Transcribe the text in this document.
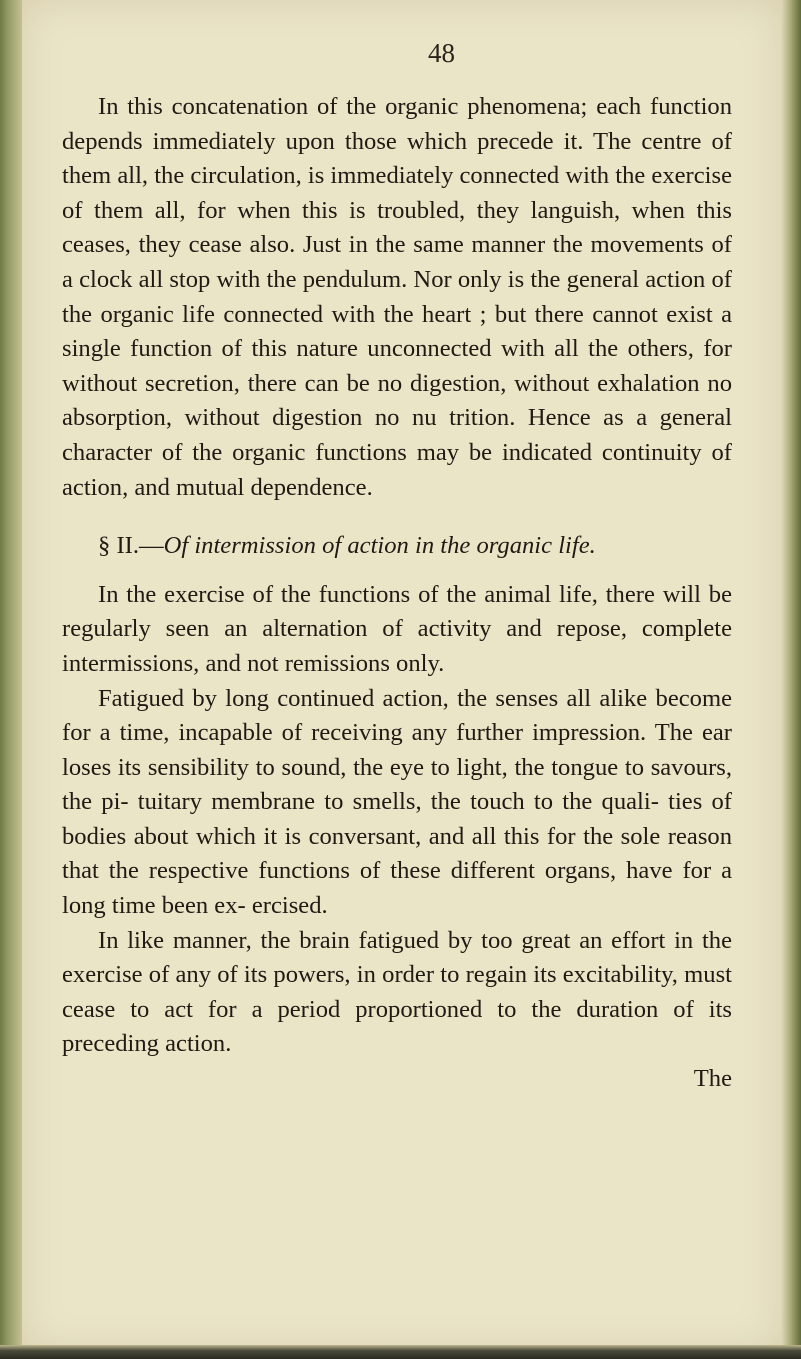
48

In this concatenation of the organic phenomena; each function depends immediately upon those which precede it. The centre of them all, the circulation, is immediately connected with the exercise of them all, for when this is troubled, they languish, when this ceases, they cease also. Just in the same manner the movements of a clock all stop with the pendulum. Nor only is the general action of the organic life connected with the heart ; but there cannot exist a single function of this nature unconnected with all the others, for without secretion, there can be no digestion, without exhalation no absorption, without digestion no nu trition. Hence as a general character of the organic functions may be indicated continuity of action, and mutual dependence.

§ II.—Of intermission of action in the organic life.

In the exercise of the functions of the animal life, there will be regularly seen an alternation of activity and repose, complete intermissions, and not remissions only.

Fatigued by long continued action, the senses all alike become for a time, incapable of receiving any further impression. The ear loses its sensibility to sound, the eye to light, the tongue to savours, the pi- tuitary membrane to smells, the touch to the quali- ties of bodies about which it is conversant, and all this for the sole reason that the respective functions of these different organs, have for a long time been ex- ercised.

In like manner, the brain fatigued by too great an effort in the exercise of any of its powers, in order to regain its excitability, must cease to act for a period proportioned to the duration of its preceding action.

The
